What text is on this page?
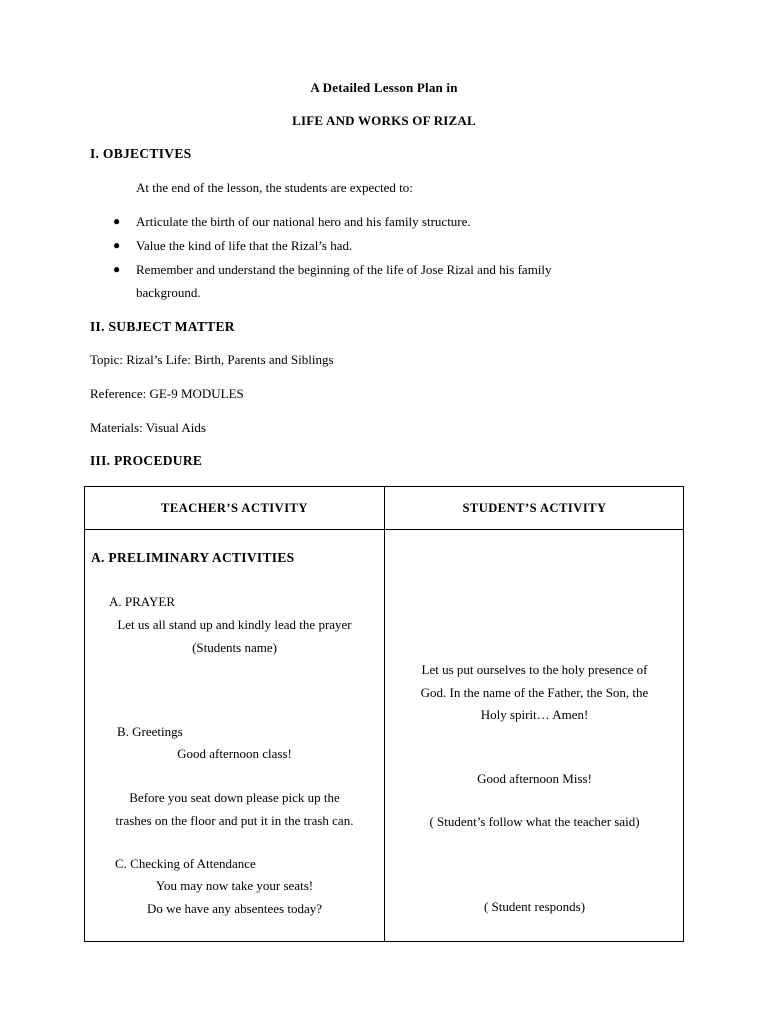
A Detailed Lesson Plan in
LIFE AND WORKS OF RIZAL
I. OBJECTIVES
At the end of the lesson, the students are expected to:
● Articulate the birth of our national hero and his family structure.
● Value the kind of life that the Rizal’s had.
● Remember and understand the beginning of the life of Jose Rizal and his family
background.
II. SUBJECT MATTER
Topic: Rizal’s Life: Birth, Parents and Siblings
Reference: GE-9 MODULES
Materials: Visual Aids
III. PROCEDURE
TEACHER’S ACTIVITY	STUDENT’S ACTIVITY
A. PRELIMINARY ACTIVITIES
A. PRAYER
Let us all stand up and kindly lead the prayer
(Students name)
B. Greetings
Good afternoon class!
Before you seat down please pick up the
trashes on the floor and put it in the trash can.
C. Checking of Attendance
You may now take your seats!
Do we have any absentees today?
Let us put ourselves to the holy presence of
God. In the name of the Father, the Son, the
Holy spirit… Amen!
Good afternoon Miss!
( Student’s follow what the teacher said)
( Student responds)
